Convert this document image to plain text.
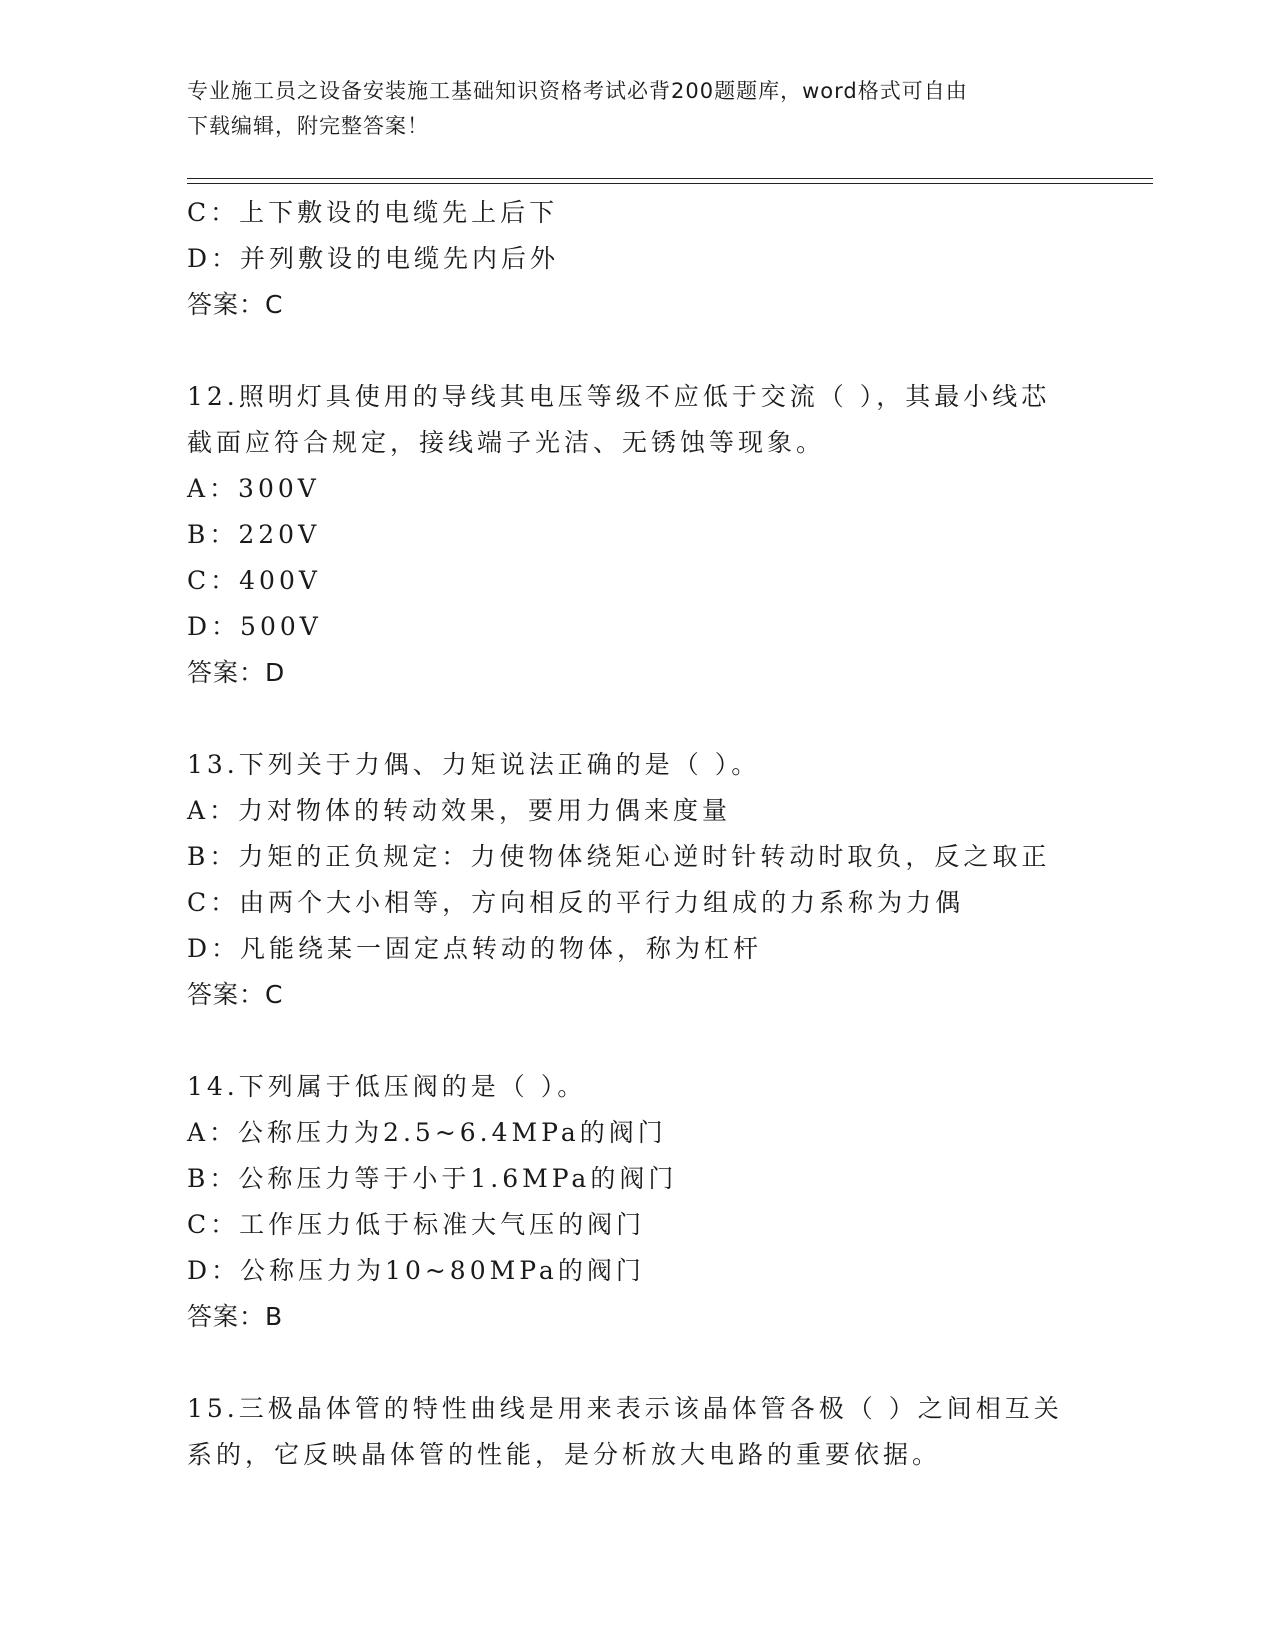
专业施工员之设备安装施工基础知识资格考试必背200题题库，word格式可自由
下载编辑，附完整答案！
C：上下敷设的电缆先上后下
D：并列敷设的电缆先内后外
答案：C
12.照明灯具使用的导线其电压等级不应低于交流（ ），其最小线芯
截面应符合规定，接线端子光洁、无锈蚀等现象。
A：300V
B：220V
C：400V
D：500V
答案：D
13.下列关于力偶、力矩说法正确的是（ ）。
A：力对物体的转动效果，要用力偶来度量
B：力矩的正负规定：力使物体绕矩心逆时针转动时取负，反之取正
C：由两个大小相等，方向相反的平行力组成的力系称为力偶
D：凡能绕某一固定点转动的物体，称为杠杆
答案：C
14.下列属于低压阀的是（ ）。
A：公称压力为2.5~6.4MPa的阀门
B：公称压力等于小于1.6MPa的阀门
C：工作压力低于标准大气压的阀门
D：公称压力为10~80MPa的阀门
答案：B
15.三极晶体管的特性曲线是用来表示该晶体管各极（ ）之间相互关
系的，它反映晶体管的性能，是分析放大电路的重要依据。
